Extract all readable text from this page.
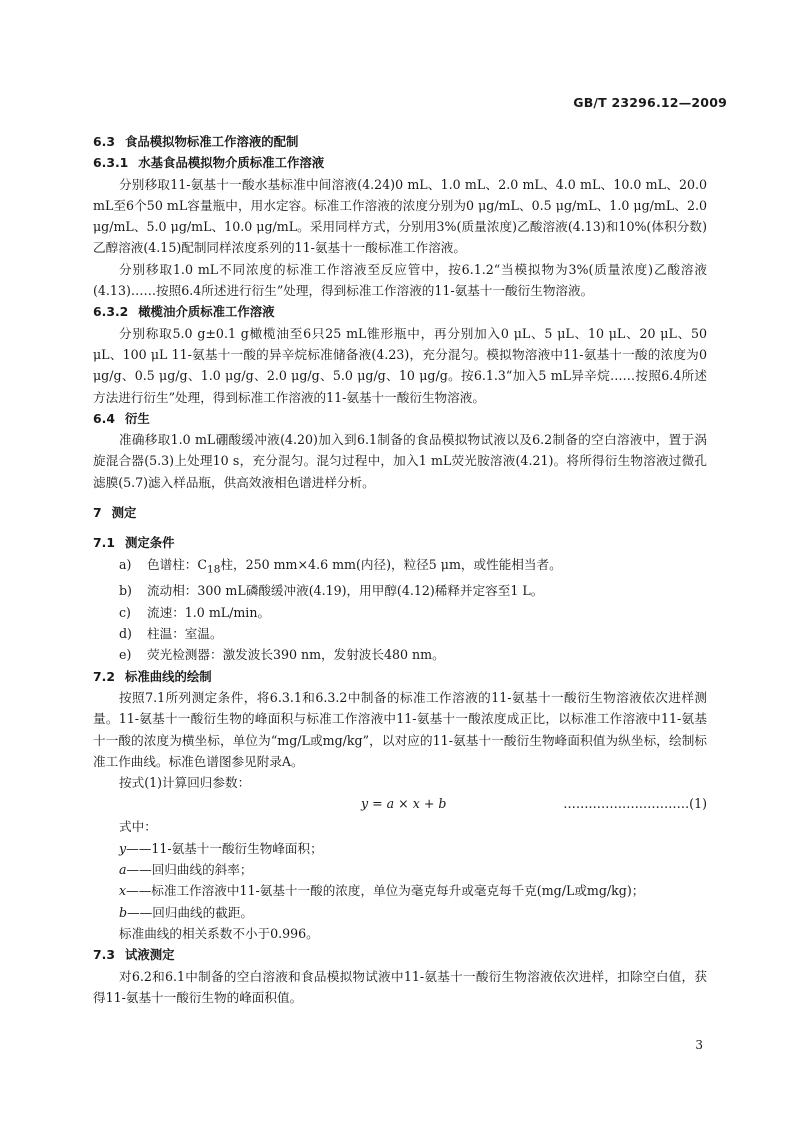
GB/T 23296.12—2009

6.3 食品模拟物标准工作溶液的配制

6.3.1 水基食品模拟物介质标准工作溶液

分别移取11-氨基十一酸水基标准中间溶液(4.24)0 mL、1.0 mL、2.0 mL、4.0 mL、10.0 mL、20.0 mL至6个50 mL容量瓶中，用水定容。标准工作溶液的浓度分别为0 μg/mL、0.5 μg/mL、1.0 μg/mL、2.0 μg/mL、5.0 μg/mL、10.0 μg/mL。采用同样方式，分别用3%(质量浓度)乙酸溶液(4.13)和10%(体积分数)乙醇溶液(4.15)配制同样浓度系列的11-氨基十一酸标准工作溶液。

分别移取1.0 mL不同浓度的标准工作溶液至反应管中，按6.1.2“当模拟物为3%(质量浓度)乙酸溶液(4.13)……按照6.4所述进行衍生”处理，得到标准工作溶液的11-氨基十一酸衍生物溶液。

6.3.2 橄榄油介质标准工作溶液

分别称取5.0 g±0.1 g橄榄油至6只25 mL锥形瓶中，再分别加入0 μL、5 μL、10 μL、20 μL、50 μL、100 μL 11-氨基十一酸的异辛烷标准储备液(4.23)，充分混匀。模拟物溶液中11-氨基十一酸的浓度为0 μg/g、0.5 μg/g、1.0 μg/g、2.0 μg/g、5.0 μg/g、10 μg/g。按6.1.3“加入5 mL异辛烷……按照6.4所述方法进行衍生”处理，得到标准工作溶液的11-氨基十一酸衍生物溶液。

6.4 衍生

准确移取1.0 mL硼酸缓冲液(4.20)加入到6.1制备的食品模拟物试液以及6.2制备的空白溶液中，置于涡旋混合器(5.3)上处理10 s，充分混匀。混匀过程中，加入1 mL荧光胺溶液(4.21)。将所得衍生物溶液过微孔滤膜(5.7)滤入样品瓶，供高效液相色谱进样分析。

7 测定

7.1 测定条件

a) 色谱柱：$C_{18}$柱，250 mm×4.6 mm(内径)，粒径5 μm，或性能相当者。

b) 流动相：300 mL磷酸缓冲液(4.19)，用甲醇(4.12)稀释并定容至1 L。

c) 流速：1.0 mL/min。

d) 柱温：室温。

e) 荧光检测器：激发波长390 nm，发射波长480 nm。

7.2 标准曲线的绘制

按照7.1所列测定条件，将6.3.1和6.3.2中制备的标准工作溶液的11-氨基十一酸衍生物溶液依次进样测量。11-氨基十一酸衍生物的峰面积与标准工作溶液中11-氨基十一酸浓度成正比，以标准工作溶液中11-氨基十一酸的浓度为横坐标，单位为“mg/L或mg/kg”，以对应的11-氨基十一酸衍生物峰面积值为纵坐标，绘制标准工作曲线。标准色谱图参见附录A。

按式(1)计算回归参数：

y = a × x + b	…………………………(1)

式中：

y——11-氨基十一酸衍生物峰面积；

a——回归曲线的斜率；

x——标准工作溶液中11-氨基十一酸的浓度，单位为毫克每升或毫克每千克(mg/L或mg/kg)；

b——回归曲线的截距。

标准曲线的相关系数不小于0.996。

7.3 试液测定

对6.2和6.1中制备的空白溶液和食品模拟物试液中11-氨基十一酸衍生物溶液依次进样，扣除空白值，获得11-氨基十一酸衍生物的峰面积值。

3
